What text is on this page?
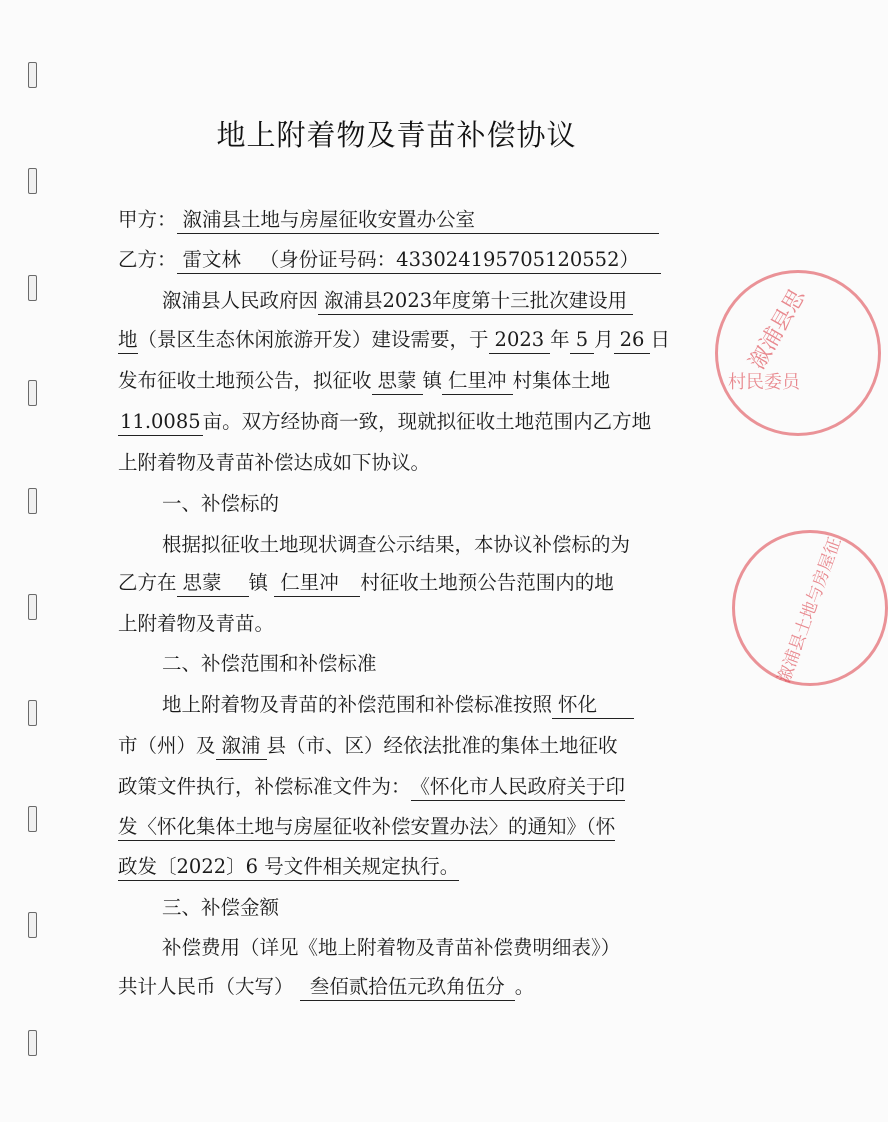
溆浦县思
村民委员
溆浦县土地与房屋征
地上附着物及青苗补偿协议
甲方： 溆浦县土地与房屋征收安置办公室
乙方： 雷文林 （身份证号码：433024195705120552）
溆浦县人民政府因 溆浦县2023年度第十三批次建设用
地（景区生态休闲旅游开发）建设需要，于 2023 年 5 月 26 日
发布征收土地预公告，拟征收 思蒙 镇 仁里冲 村集体土地
11.0085 亩。双方经协商一致，现就拟征收土地范围内乙方地
上附着物及青苗补偿达成如下协议。
一、补偿标的
根据拟征收土地现状调查公示结果，本协议补偿标的为
乙方在 思蒙 镇 仁里冲 村征收土地预公告范围内的地
上附着物及青苗。
二、补偿范围和补偿标准
地上附着物及青苗的补偿范围和补偿标准按照 怀化
市（州）及 溆浦 县（市、区）经依法批准的集体土地征收
政策文件执行，补偿标准文件为：《怀化市人民政府关于印
发〈怀化集体土地与房屋征收补偿安置办法〉的通知》（怀
政发〔2022〕6 号文件相关规定执行。
三、补偿金额
补偿费用（详见《地上附着物及青苗补偿费明细表》）
共计人民币（大写） 叁佰贰拾伍元玖角伍分 。
